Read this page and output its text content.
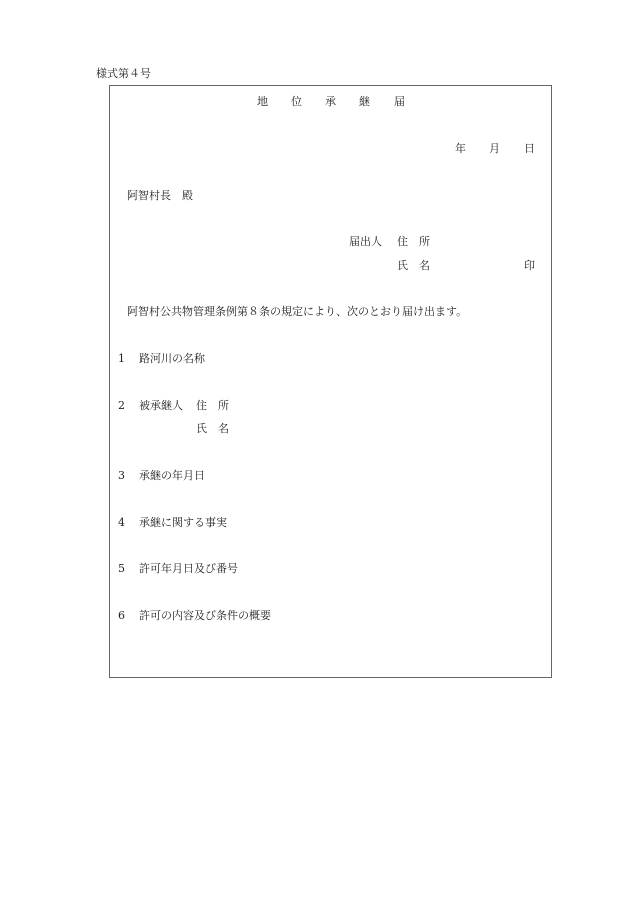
様式第４号
地 位 承 継 届
年 月 日
阿智村長　殿
届出人 住　所
氏　名	印
阿智村公共物管理条例第８条の規定により、次のとおり届け出ます。
1 路河川の名称
2 被承継人 住　所
氏　名
3 承継の年月日
4 承継に関する事実
5 許可年月日及び番号
6 許可の内容及び条件の概要
